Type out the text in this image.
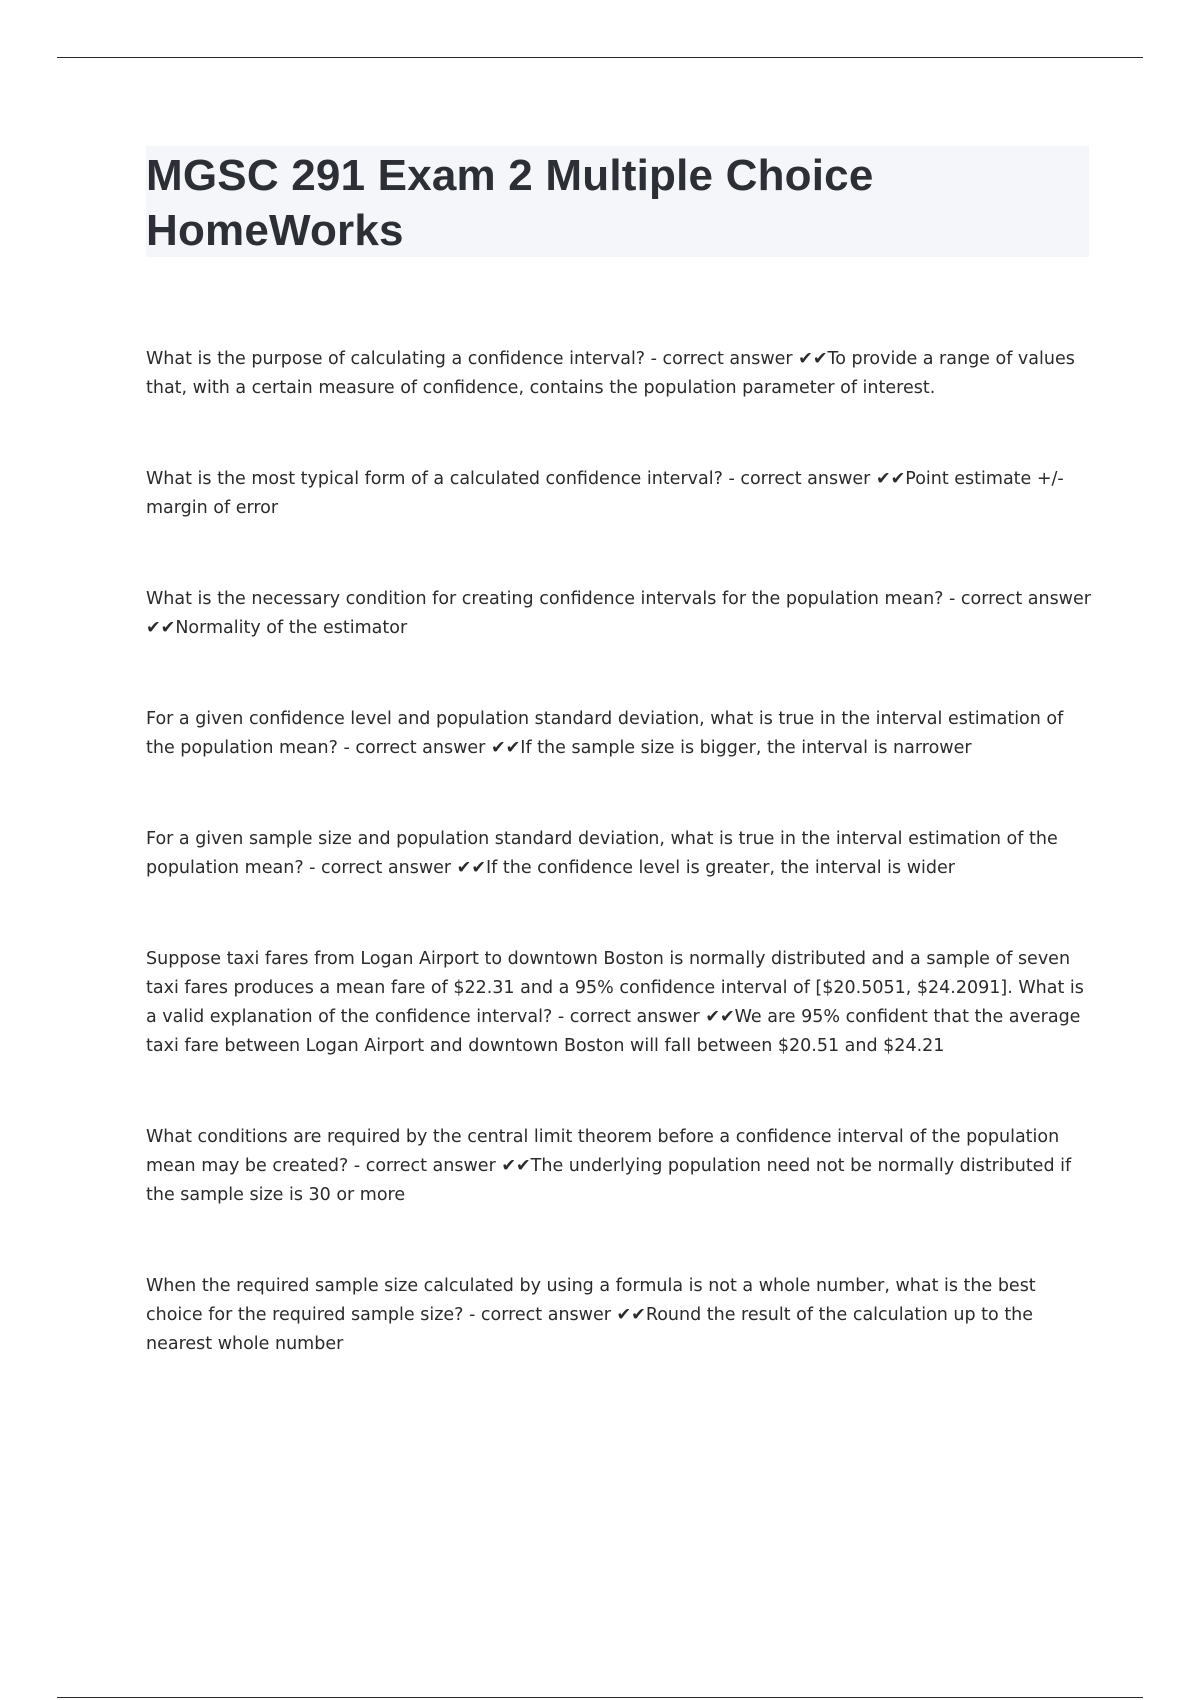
MGSC 291 Exam 2 Multiple Choice HomeWorks

What is the purpose of calculating a confidence interval? - correct answer ✔✔To provide a range of values that, with a certain measure of confidence, contains the population parameter of interest.

What is the most typical form of a calculated confidence interval? - correct answer ✔✔Point estimate +/- margin of error

What is the necessary condition for creating confidence intervals for the population mean? - correct answer ✔✔Normality of the estimator

For a given confidence level and population standard deviation, what is true in the interval estimation of the population mean? - correct answer ✔✔If the sample size is bigger, the interval is narrower

For a given sample size and population standard deviation, what is true in the interval estimation of the population mean? - correct answer ✔✔If the confidence level is greater, the interval is wider

Suppose taxi fares from Logan Airport to downtown Boston is normally distributed and a sample of seven taxi fares produces a mean fare of $22.31 and a 95% confidence interval of [$20.5051, $24.2091]. What is a valid explanation of the confidence interval? - correct answer ✔✔We are 95% confident that the average taxi fare between Logan Airport and downtown Boston will fall between $20.51 and $24.21

What conditions are required by the central limit theorem before a confidence interval of the population mean may be created? - correct answer ✔✔The underlying population need not be normally distributed if the sample size is 30 or more

When the required sample size calculated by using a formula is not a whole number, what is the best choice for the required sample size? - correct answer ✔✔Round the result of the calculation up to the nearest whole number
